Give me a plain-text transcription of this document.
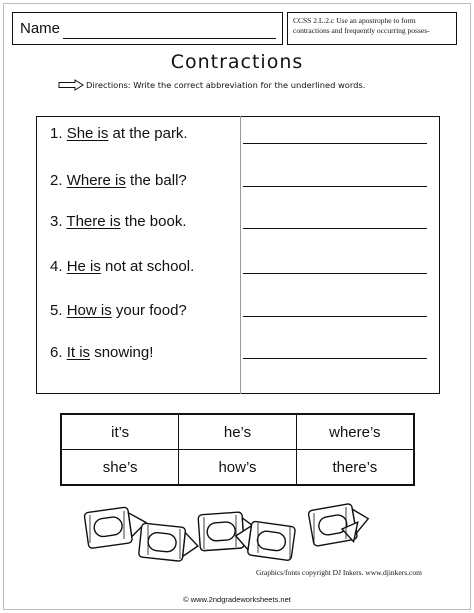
Name	CCSS 2.L.2.c Use an apostrophe to form
contractions and frequently occurring posses-
Contractions
Directions: Write the correct abbreviation for the underlined words.
1. She is at the park.
2. Where is the ball?
3. There is the book.
4. He is not at school.
5. How is your food?
6. It is snowing!
it’s	he’s	where’s
she’s	how’s	there’s
Graphics/fonts copyright DJ Inkers. www.djinkers.com
© www.2ndgradeworksheets.net
